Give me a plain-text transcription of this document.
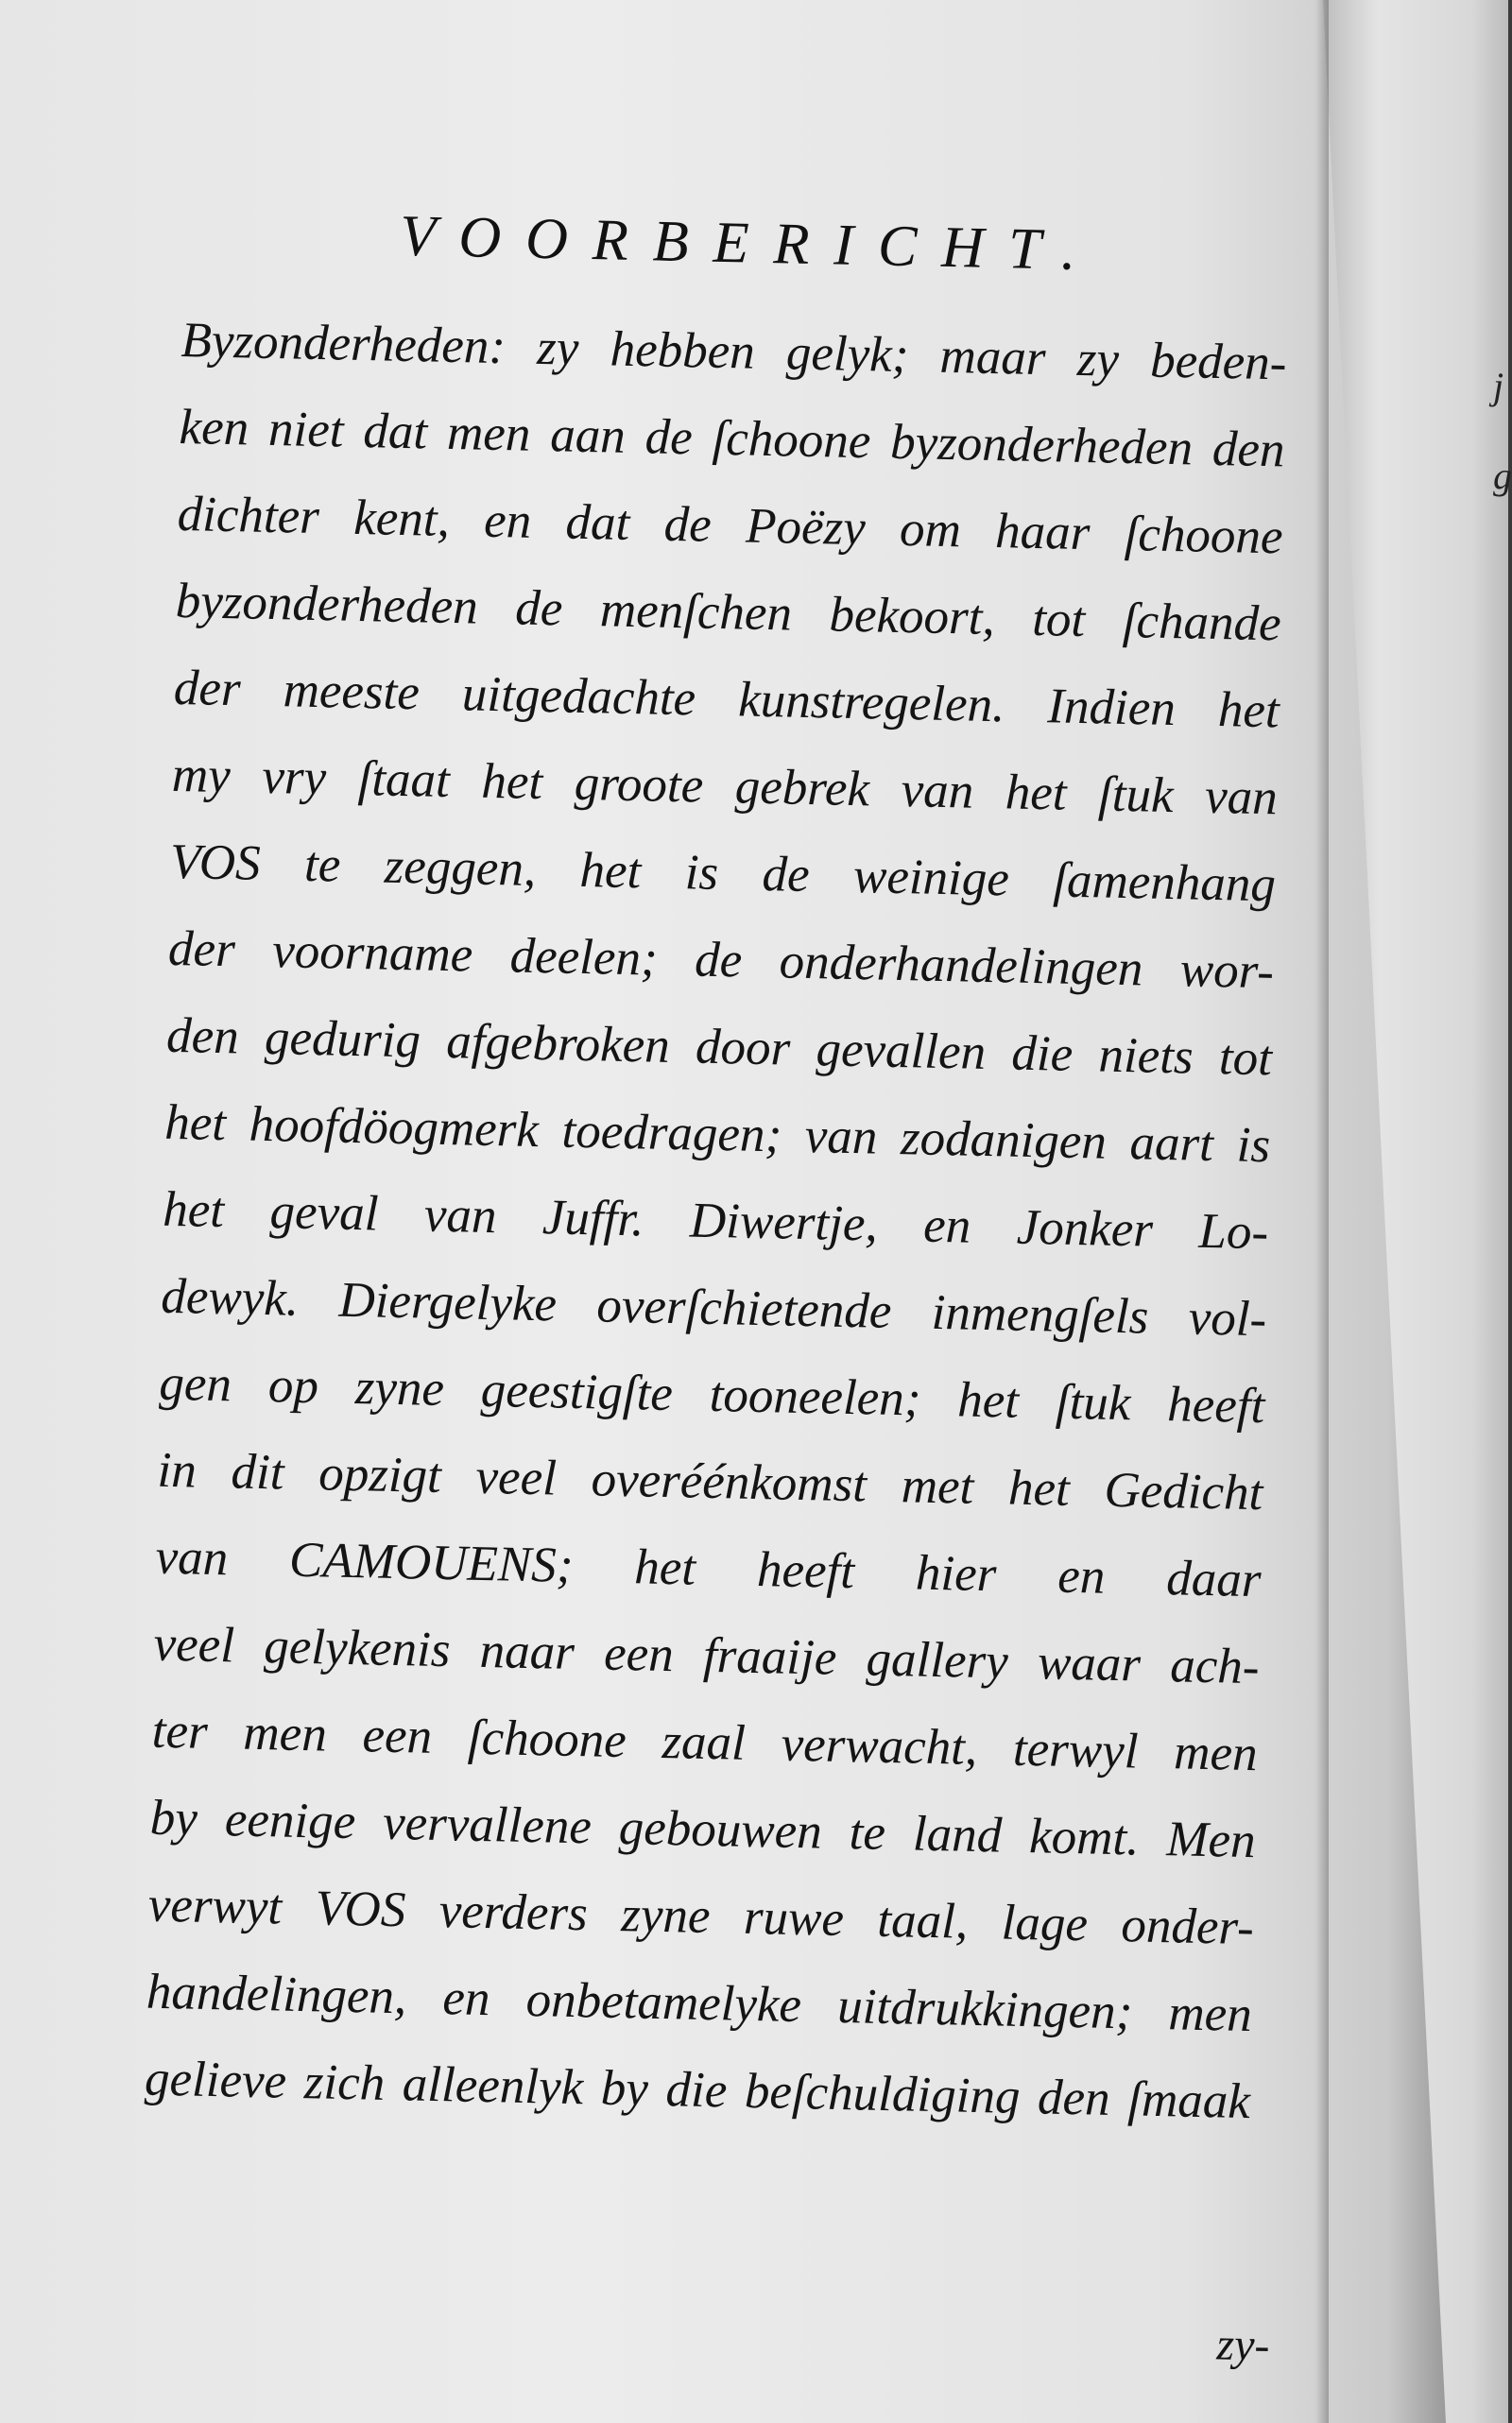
j
g
VOORBERICHT.
Byzonderheden: zy hebben gelyk; maar zy beden-
ken niet dat men aan de ſchoone byzonderheden den
dichter kent, en dat de Poëzy om haar ſchoone
byzonderheden de menſchen bekoort, tot ſchande
der meeste uitgedachte kunstregelen. Indien het
my vry ſtaat het groote gebrek van het ſtuk van
VOS te zeggen, het is de weinige ſamenhang
der voorname deelen; de onderhandelingen wor-
den gedurig afgebroken door gevallen die niets tot
het hoofdöogmerk toedragen; van zodanigen aart is
het geval van Juffr. Diwertje, en Jonker Lo-
dewyk. Diergelyke overſchietende inmengſels vol-
gen op zyne geestigſte tooneelen; het ſtuk heeft
in dit opzigt veel overéénkomst met het Gedicht
van CAMOUENS; het heeft hier en daar
veel gelykenis naar een fraaije gallery waar ach-
ter men een ſchoone zaal verwacht, terwyl men
by eenige vervallene gebouwen te land komt. Men
verwyt VOS verders zyne ruwe taal, lage onder-
handelingen, en onbetamelyke uitdrukkingen; men
gelieve zich alleenlyk by die beſchuldiging den ſmaak
zy-
